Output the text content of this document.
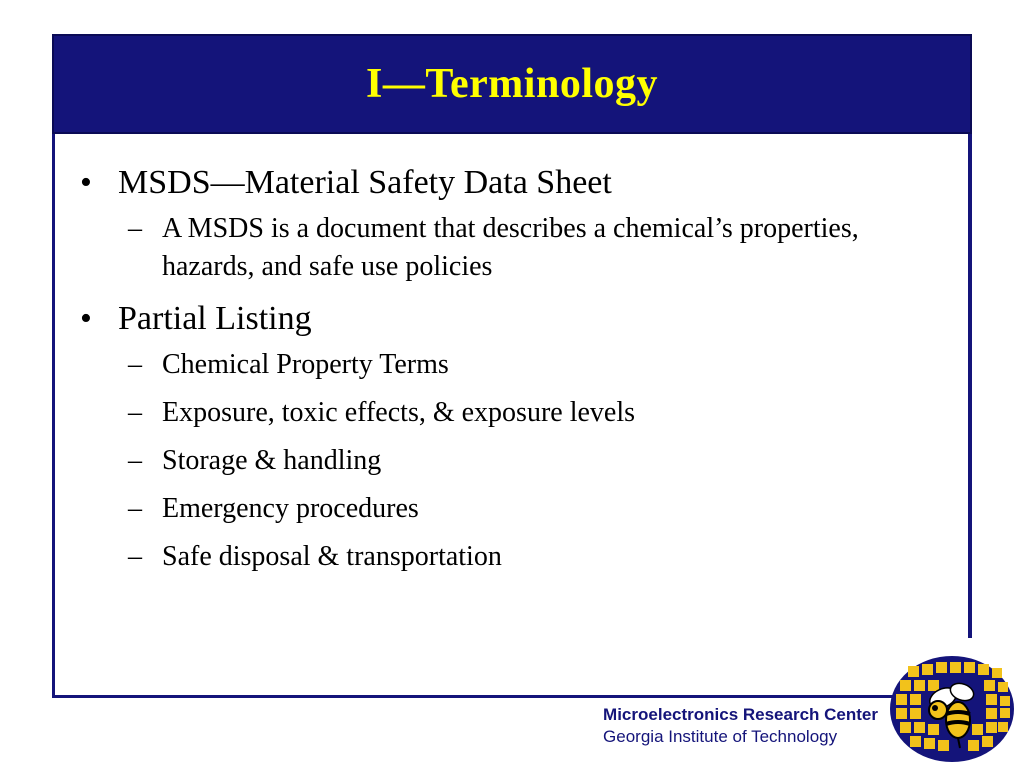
I—Terminology
• MSDS—Material Safety Data Sheet
– A MSDS is a document that describes a chemical’s properties, hazards, and safe use policies
• Partial Listing
– Chemical Property Terms
– Exposure, toxic effects, & exposure levels
– Storage & handling
– Emergency procedures
– Safe disposal & transportation
Microelectronics Research Center
Georgia Institute of Technology
